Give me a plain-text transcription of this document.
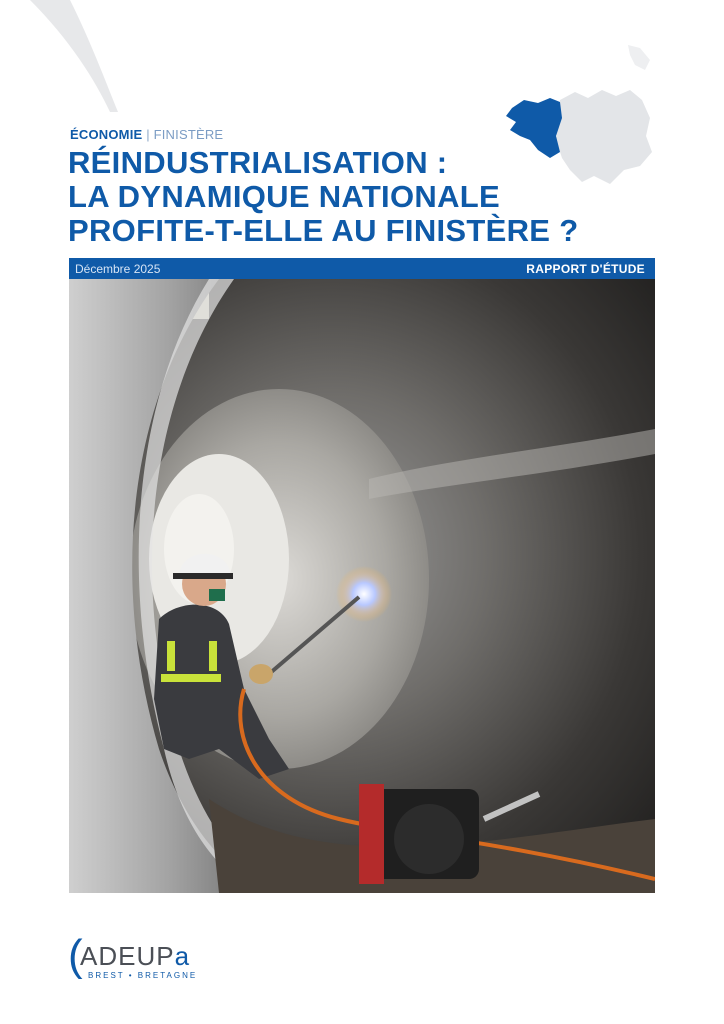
ÉCONOMIE | FINISTÈRE
RÉINDUSTRIALISATION :
LA DYNAMIQUE NATIONALE
PROFITE-T-ELLE AU FINISTÈRE ?
Décembre 2025	RAPPORT D'ÉTUDE
(
ADEUPa
BREST • BRETAGNE
